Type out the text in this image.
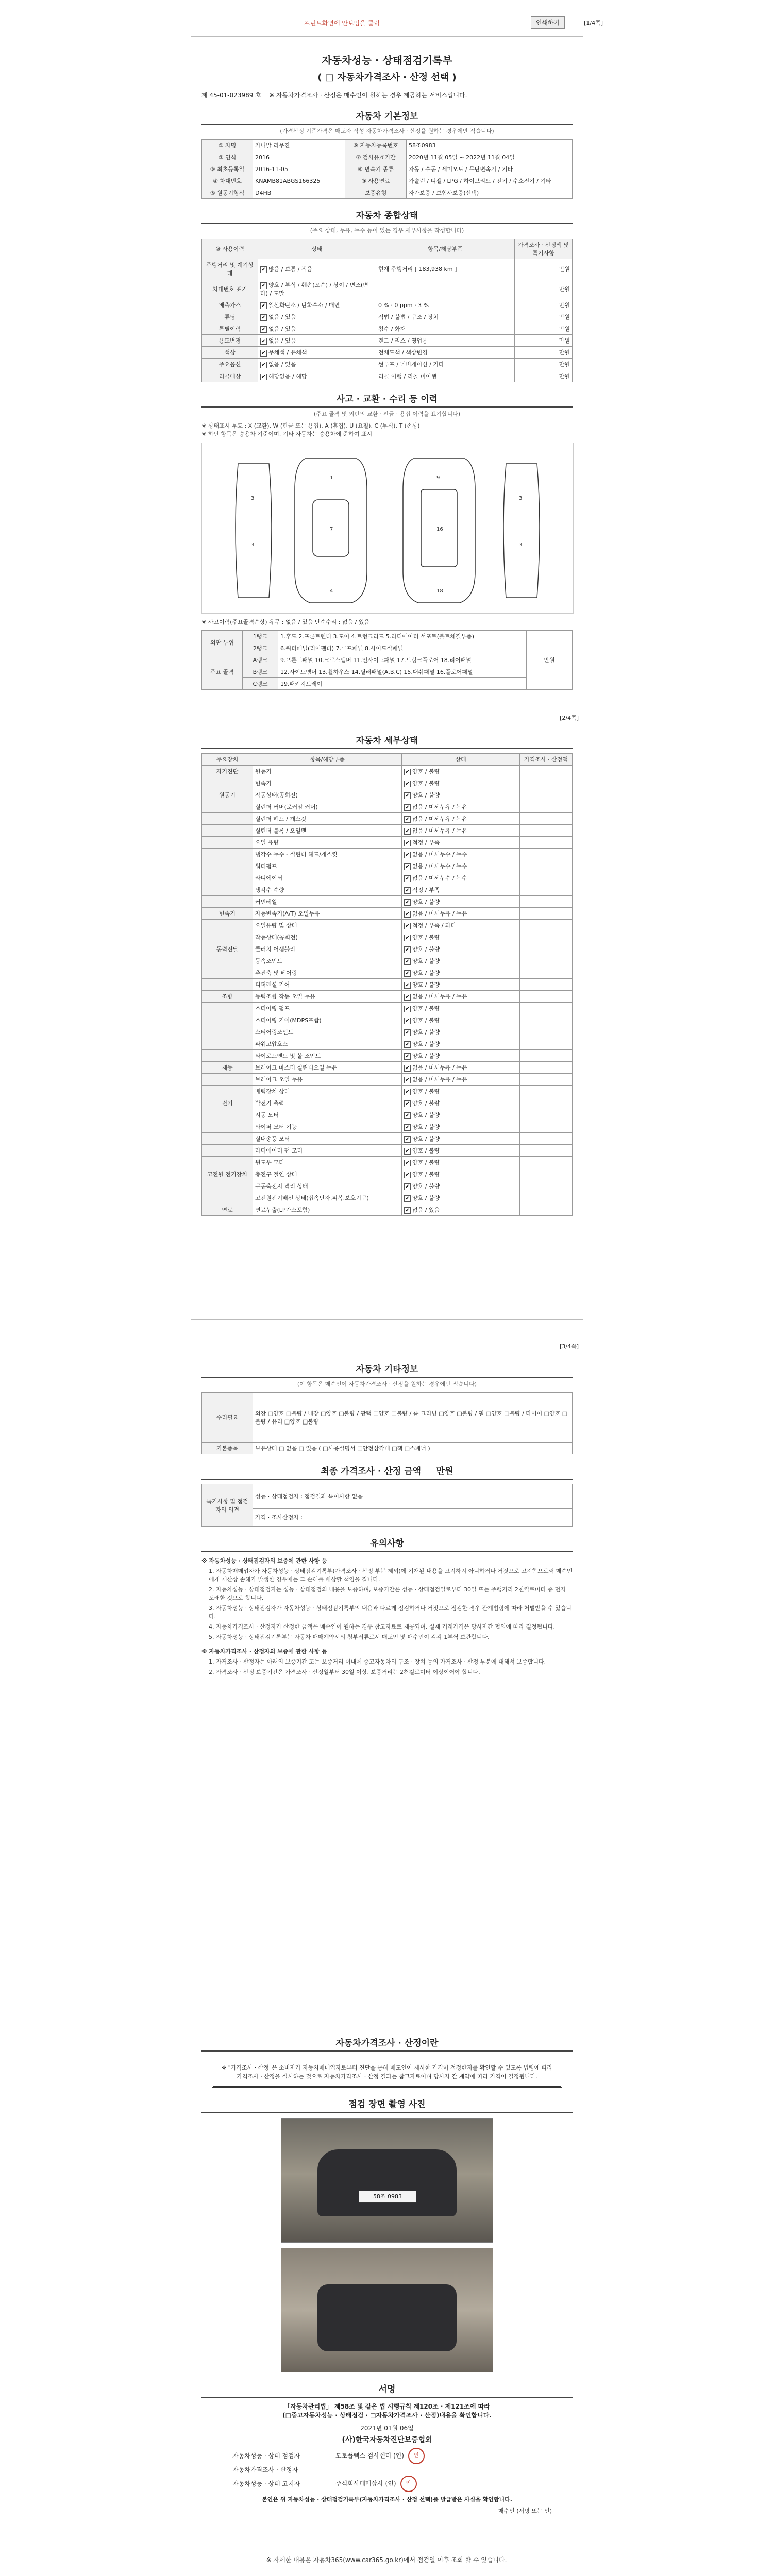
프린트화면에 안보임을 클릭	인쇄하기	[1/4쪽]
자동차성능 · 상태점검기록부
( □ 자동차가격조사 · 산정 선택 )
제 45-01-023989 호 ※ 자동차가격조사 · 산정은 매수인이 원하는 경우 제공하는 서비스입니다.
자동차 기본정보
(가격산정 기준가격은 매도자 작성 자동차가격조사 · 산정을 원하는 경우에만 적습니다)
① 차명	카니발 리무진	⑥ 자동차등록번호	58조0983
② 연식	2016	⑦ 검사유효기간	2020년 11월 05일 ~ 2022년 11월 04일
③ 최초등록일	2016-11-05	⑧ 변속기 종류	자동 / 수동 / 세미오토 / 무단변속기 / 기타
④ 차대번호	KNAMB81ABGS166325	⑨ 사용연료	가솔린 / 디젤 / LPG / 하이브리드 / 전기 / 수소전기 / 기타
⑤ 원동기형식	D4HB	보증유형	자가보증 / 보험사보증(선택)
자동차 종합상태
(주요 상태, 누유, 누수 등이 있는 경우 세부사항을 작성합니다)
⑩ 사용이력	상태	항목/해당부품	가격조사 · 산정액 및 특기사항
주행거리 및 계기상태	✔많음 / 보통 / 적음	현재 주행거리 [ 183,938 km ]	만원
차대번호 표기	✔양호 / 부식 / 훼손(오손) / 상이 / 변조(변타) / 도말		만원
배출가스	✔일산화탄소 / 탄화수소 / 매연	0 % · 0 ppm · 3 %	만원
튜닝	✔없음 / 있음	적법 / 불법 / 구조 / 장치	만원
특별이력	✔없음 / 있음	침수 / 화재	만원
용도변경	✔없음 / 있음	렌트 / 리스 / 영업용	만원
색상	✔무채색 / 유채색	전체도색 / 색상변경	만원
주요옵션	✔없음 / 있음	썬루프 / 네비게이션 / 기타	만원
리콜대상	✔해당없음 / 해당	리콜 이행 / 리콜 미이행	만원
사고 · 교환 · 수리 등 이력
(주요 골격 및 외판의 교환 · 판금 · 용접 이력을 표기합니다)
※ 상태표시 부호 : X (교환), W (판금 또는 용접), A (흠집), U (요철), C (부식), T (손상)
※ 하단 항목은 승용차 기준이며, 기타 자동차는 승용차에 준하여 표시
3
3
1
7
4
9
16
18
3
3
※ 사고이력(주요골격손상) 유무 : 없음 / 있음 단순수리 : 없음 / 있음
외판 부위	1랭크	1.후드 2.프론트펜더 3.도어 4.트렁크리드 5.라디에이터 서포트(볼트체결부품)	만원
	2랭크	6.쿼터패널(리어펜더) 7.루프패널 8.사이드실패널	
주요 골격	A랭크	9.프론트패널 10.크로스멤버 11.인사이드패널 17.트렁크플로어 18.리어패널	
	B랭크	12.사이드멤버 13.휠하우스 14.필러패널(A,B,C) 15.대쉬패널 16.플로어패널	
	C랭크	19.패키지트레이	
[2/4쪽]
자동차 세부상태
주요장치	항목/해당부품	상태	가격조사 · 산정액
자기진단	원동기	✔양호 / 불량	
	변속기	✔양호 / 불량	
원동기	작동상태(공회전)	✔양호 / 불량	
	실린더 커버(로커암 커버)	✔없음 / 미세누유 / 누유	
	실린더 헤드 / 개스킷	✔없음 / 미세누유 / 누유	
	실린더 블록 / 오일팬	✔없음 / 미세누유 / 누유	
	오일 유량	✔적정 / 부족	
	냉각수 누수 - 실린더 헤드/개스킷	✔없음 / 미세누수 / 누수	
	워터펌프	✔없음 / 미세누수 / 누수	
	라디에이터	✔없음 / 미세누수 / 누수	
	냉각수 수량	✔적정 / 부족	
	커먼레일	✔양호 / 불량	
변속기	자동변속기(A/T) 오일누유	✔없음 / 미세누유 / 누유	
	오일유량 및 상태	✔적정 / 부족 / 과다	
	작동상태(공회전)	✔양호 / 불량	
동력전달	클러치 어셈블리	✔양호 / 불량	
	등속조인트	✔양호 / 불량	
	추진축 및 베어링	✔양호 / 불량	
	디퍼렌셜 기어	✔양호 / 불량	
조향	동력조향 작동 오일 누유	✔없음 / 미세누유 / 누유	
	스티어링 펌프	✔양호 / 불량	
	스티어링 기어(MDPS포함)	✔양호 / 불량	
	스티어링조인트	✔양호 / 불량	
	파워고압호스	✔양호 / 불량	
	타이로드엔드 및 볼 조인트	✔양호 / 불량	
제동	브레이크 마스터 실린더오일 누유	✔없음 / 미세누유 / 누유	
	브레이크 오일 누유	✔없음 / 미세누유 / 누유	
	배력장치 상태	✔양호 / 불량	
전기	발전기 출력	✔양호 / 불량	
	시동 모터	✔양호 / 불량	
	와이퍼 모터 기능	✔양호 / 불량	
	실내송풍 모터	✔양호 / 불량	
	라디에이터 팬 모터	✔양호 / 불량	
	윈도우 모터	✔양호 / 불량	
고전원 전기장치	충전구 절연 상태	✔양호 / 불량	
	구동축전지 격리 상태	✔양호 / 불량	
	고전원전기배선 상태(접속단자,피복,보호기구)	✔양호 / 불량	
연료	연료누출(LP가스포함)	✔없음 / 있음	
[3/4쪽]
자동차 기타정보
(이 항목은 매수인이 자동차가격조사 · 산정을 원하는 경우에만 적습니다)
수리필요	외장 □양호 □불량 / 내장 □양호 □불량 / 광택 □양호 □불량 / 룸 크리닝 □양호 □불량 / 휠 □양호 □불량 / 타이어 □양호 □불량 / 유리 □양호 □불량
기본품목	보유상태 □ 없음 □ 있음 ( □사용설명서 □안전삼각대 □잭 □스패너 )
최종 가격조사 · 산정 금액 만원
특기사항 및 점검자의 의견	성능 · 상태점검자 : 점검결과 특이사항 없음
가격 · 조사산정자 :
유의사항
※ 자동차성능 · 상태점검자의 보증에 관한 사항 등
1. 자동차매매업자가 자동차성능 · 상태점검기록부(가격조사 · 산정 부분 제외)에 기재된 내용을 고지하지 아니하거나 거짓으로 고지함으로써 매수인에게 재산상 손해가 발생한 경우에는 그 손해를 배상할 책임을 집니다.
2. 자동차성능 · 상태점검자는 성능 · 상태점검의 내용을 보증하며, 보증기간은 성능 · 상태점검일로부터 30일 또는 주행거리 2천킬로미터 중 먼저 도래한 것으로 합니다.
3. 자동차성능 · 상태점검자가 자동차성능 · 상태점검기록부의 내용과 다르게 점검하거나 거짓으로 점검한 경우 관계법령에 따라 처벌받을 수 있습니다.
4. 자동차가격조사 · 산정자가 산정한 금액은 매수인이 원하는 경우 참고자료로 제공되며, 실제 거래가격은 당사자간 협의에 따라 결정됩니다.
5. 자동차성능 · 상태점검기록부는 자동차 매매계약서의 첨부서류로서 매도인 및 매수인이 각각 1부씩 보관합니다.
※ 자동차가격조사 · 산정자의 보증에 관한 사항 등
1. 가격조사 · 산정자는 아래의 보증기간 또는 보증거리 이내에 중고자동차의 구조 · 장치 등의 가격조사 · 산정 부분에 대해서 보증합니다.
2. 가격조사 · 산정 보증기간은 가격조사 · 산정일부터 30일 이상, 보증거리는 2천킬로미터 이상이어야 합니다.
자동차가격조사 · 산정이란
※ "가격조사 · 산정"은 소비자가 자동차매매업자로부터 진단을 통해 매도인이 제시한 가격이 적정한지를 확인할 수 있도록 법령에 따라 가격조사 · 산정을 실시하는 것으로 자동차가격조사 · 산정 결과는 참고자료이며 당사자 간 계약에 따라 가격이 결정됩니다.
점검 장면 촬영 사진
58조 0983
서명
「자동차관리법」 제58조 및 같은 법 시행규칙 제120조 · 제121조에 따라
(□중고자동차성능 · 상태점검 · □자동차가격조사 · 산정)내용을 확인합니다.
2021년 01월 06일
(사)한국자동차진단보증협회
자동차성능 · 상태 점검자	모토플렉스 검사센터 (인) 인
자동차가격조사 · 산정자
자동차성능 · 상태 고지자	주식회사매매상사 (인) 인
본인은 위 자동차성능 · 상태점검기록부(자동차가격조사 · 산정 선택)를 발급받은 사실을 확인합니다.
매수인 (서명 또는 인)
※ 자세한 내용은 자동차365(www.car365.go.kr)에서 점검일 이후 조회 할 수 있습니다.
